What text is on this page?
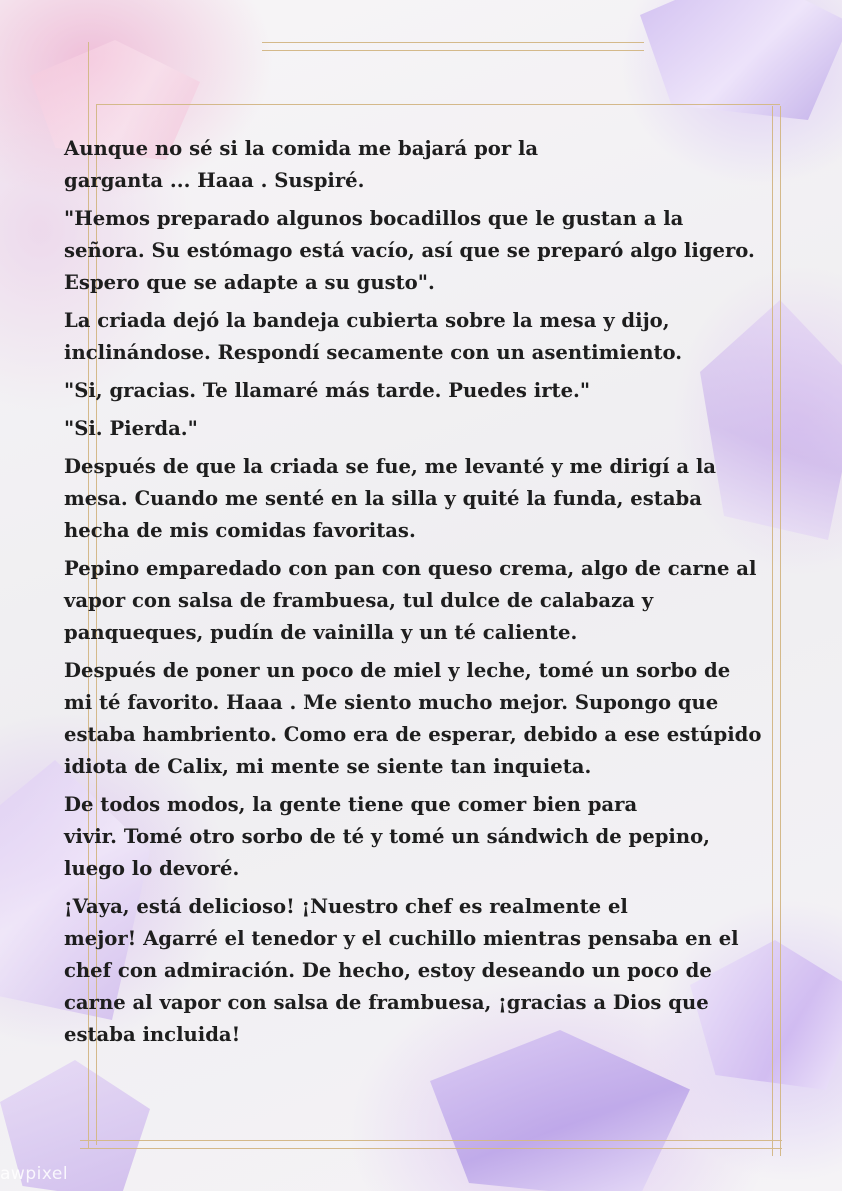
Aunque no sé si la comida me bajará por la
garganta ... Haaa . Suspiré.

"Hemos preparado algunos bocadillos que le gustan a la señora. Su estómago está vacío, así que se preparó algo ligero. Espero que se adapte a su gusto".

La criada dejó la bandeja cubierta sobre la mesa y dijo, inclinándose. Respondí secamente con un asentimiento.

"Si, gracias. Te llamaré más tarde. Puedes irte."

"Si. Pierda."

Después de que la criada se fue, me levanté y me dirigí a la mesa. Cuando me senté en la silla y quité la funda, estaba hecha de mis comidas favoritas.

Pepino emparedado con pan con queso crema, algo de carne al vapor con salsa de frambuesa, tul dulce de calabaza y panqueques, pudín de vainilla y un té caliente.

Después de poner un poco de miel y leche, tomé un sorbo de mi té favorito. Haaa . Me siento mucho mejor. Supongo que estaba hambriento. Como era de esperar, debido a ese estúpido idiota de Calix, mi mente se siente tan inquieta.

De todos modos, la gente tiene que comer bien para
vivir. Tomé otro sorbo de té y tomé un sándwich de pepino, luego lo devoré.

¡Vaya, está delicioso! ¡Nuestro chef es realmente el
mejor! Agarré el tenedor y el cuchillo mientras pensaba en el chef con admiración. De hecho, estoy deseando un poco de carne al vapor con salsa de frambuesa, ¡gracias a Dios que estaba incluida!

awpixel
